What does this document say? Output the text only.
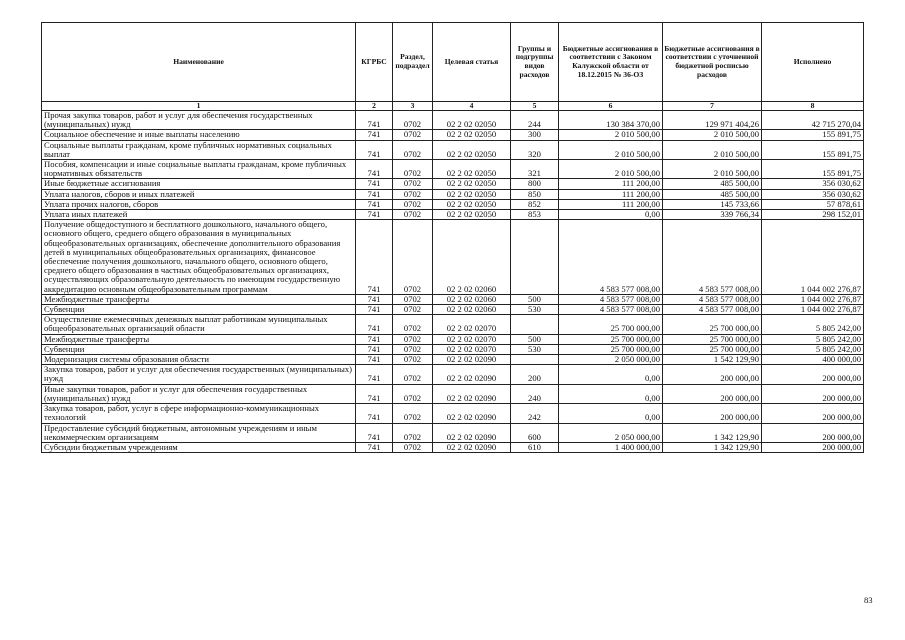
Наименование	КГРБС	Раздел, подраздел	Целевая статья	Группы и подгруппы видов расходов	Бюджетные ассигнования в соответствии с Законом Калужской области от 18.12.2015 № 36-ОЗ	Бюджетные ассигнования в соответствии с уточненной бюджетной росписью расходов	Исполнено
1	2	3	4	5	6	7	8
Прочая закупка товаров, работ и услуг для обеспечения государственных (муниципальных) нужд	741	0702	02 2 02 02050	244	130 384 370,00	129 971 404,26	42 715 270,04
Социальное обеспечение и иные выплаты населению	741	0702	02 2 02 02050	300	2 010 500,00	2 010 500,00	155 891,75
Социальные выплаты гражданам, кроме публичных нормативных социальных выплат	741	0702	02 2 02 02050	320	2 010 500,00	2 010 500,00	155 891,75
Пособия, компенсации и иные социальные выплаты гражданам, кроме публичных нормативных обязательств	741	0702	02 2 02 02050	321	2 010 500,00	2 010 500,00	155 891,75
Иные бюджетные ассигнования	741	0702	02 2 02 02050	800	111 200,00	485 500,00	356 030,62
Уплата налогов, сборов и иных платежей	741	0702	02 2 02 02050	850	111 200,00	485 500,00	356 030,62
Уплата прочих налогов, сборов	741	0702	02 2 02 02050	852	111 200,00	145 733,66	57 878,61
Уплата иных платежей	741	0702	02 2 02 02050	853	0,00	339 766,34	298 152,01
Получение общедоступного и бесплатного дошкольного, начального общего, основного общего, среднего общего образования в муниципальных общеобразовательных организациях, обеспечение дополнительного образования детей в муниципальных общеобразовательных организациях, финансовое обеспечение получения дошкольного, начального общего, основного общего, среднего общего образования в частных общеобразовательных организациях, осуществляющих образовательную деятельность по имеющим государственную аккредитацию основным общеобразовательным программам	741	0702	02 2 02 02060		4 583 577 008,00	4 583 577 008,00	1 044 002 276,87
Межбюджетные трансферты	741	0702	02 2 02 02060	500	4 583 577 008,00	4 583 577 008,00	1 044 002 276,87
Субвенции	741	0702	02 2 02 02060	530	4 583 577 008,00	4 583 577 008,00	1 044 002 276,87
Осуществление ежемесячных денежных выплат работникам муниципальных общеобразовательных организаций области	741	0702	02 2 02 02070		25 700 000,00	25 700 000,00	5 805 242,00
Межбюджетные трансферты	741	0702	02 2 02 02070	500	25 700 000,00	25 700 000,00	5 805 242,00
Субвенции	741	0702	02 2 02 02070	530	25 700 000,00	25 700 000,00	5 805 242,00
Модернизация системы образования области	741	0702	02 2 02 02090		2 050 000,00	1 542 129,90	400 000,00
Закупка товаров, работ и услуг для обеспечения государственных (муниципальных) нужд	741	0702	02 2 02 02090	200	0,00	200 000,00	200 000,00
Иные закупки товаров, работ и услуг для обеспечения государственных (муниципальных) нужд	741	0702	02 2 02 02090	240	0,00	200 000,00	200 000,00
Закупка товаров, работ, услуг в сфере информационно-коммуникационных технологий	741	0702	02 2 02 02090	242	0,00	200 000,00	200 000,00
Предоставление субсидий бюджетным, автономным учреждениям и иным некоммерческим организациям	741	0702	02 2 02 02090	600	2 050 000,00	1 342 129,90	200 000,00
Субсидии бюджетным учреждениям	741	0702	02 2 02 02090	610	1 400 000,00	1 342 129,90	200 000,00
83
